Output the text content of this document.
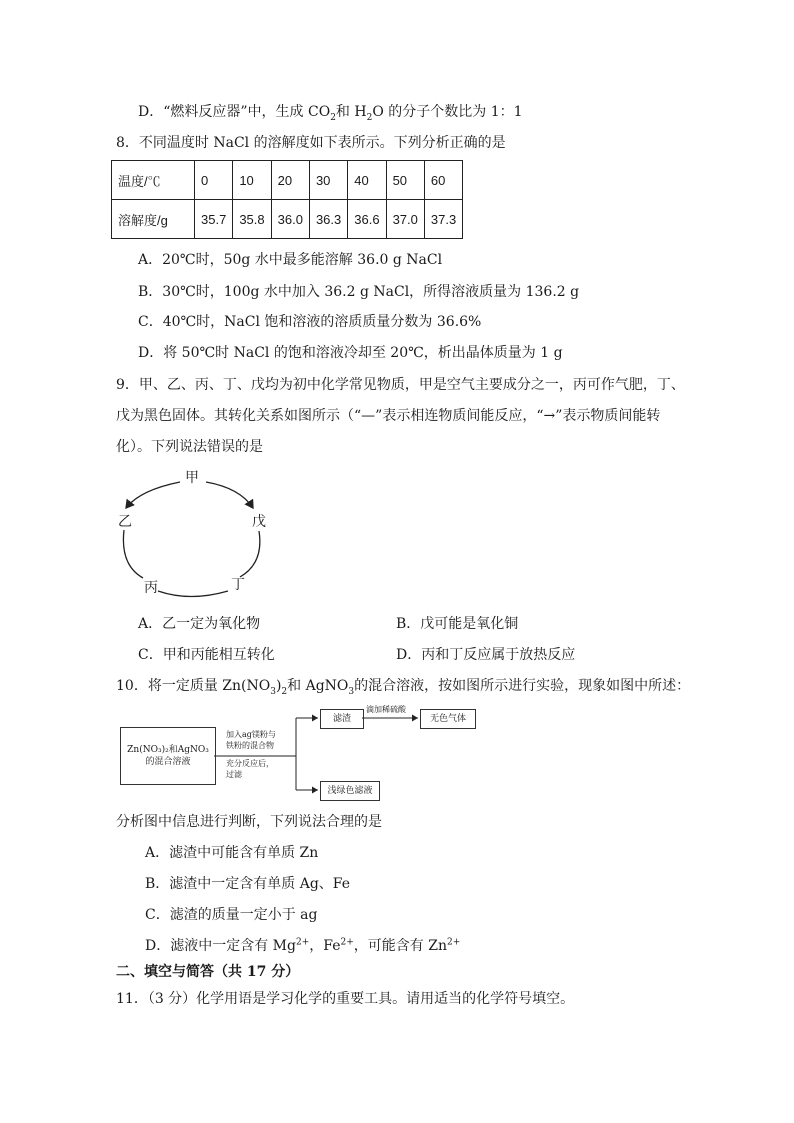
D．“燃料反应器”中，生成 $CO_2$和 $H_2O$ 的分子个数比为 1：1
8．不同温度时 NaCl 的溶解度如下表所示。下列分析正确的是
温度/℃	0	10	20	30	40	50	60
溶解度/g	35.7	35.8	36.0	36.3	36.6	37.0	37.3
A．20℃时，50g 水中最多能溶解 36.0 g NaCl
B．30℃时，100g 水中加入 36.2 g NaCl，所得溶液质量为 136.2 g
C．40℃时，NaCl 饱和溶液的溶质质量分数为 36.6%
D．将 50℃时 NaCl 的饱和溶液冷却至 20℃，析出晶体质量为 1 g
9．甲、乙、丙、丁、戊均为初中化学常见物质，甲是空气主要成分之一，丙可作气肥，丁、
戊为黑色固体。其转化关系如图所示（“—”表示相连物质间能反应，“→”表示物质间能转
化）。下列说法错误的是
甲
乙	戊
丙	丁
A．乙一定为氧化物	B．戊可能是氧化铜
C．甲和丙能相互转化	D．丙和丁反应属于放热反应
10．将一定质量 $Zn(NO_3)_2$和 AgNO$_3$的混合溶液，按如图所示进行实验，现象如图中所述：
Zn(NO₃)₂和AgNO₃
的混合溶液
加入ag镁粉与
铁粉的混合物
充分反应后，
过滤
滤渣
滴加稀硫酸
无色气体
浅绿色滤液
分析图中信息进行判断，下列说法合理的是
A．滤渣中可能含有单质 Zn
B．滤渣中一定含有单质 Ag、Fe
C．滤渣的质量一定小于 ag
D．滤液中一定含有 $Mg^{2+}$，$Fe^{2+}$，可能含有 $Zn^{2+}$
二、填空与简答（共 17 分）
11．（3 分）化学用语是学习化学的重要工具。请用适当的化学符号填空。
